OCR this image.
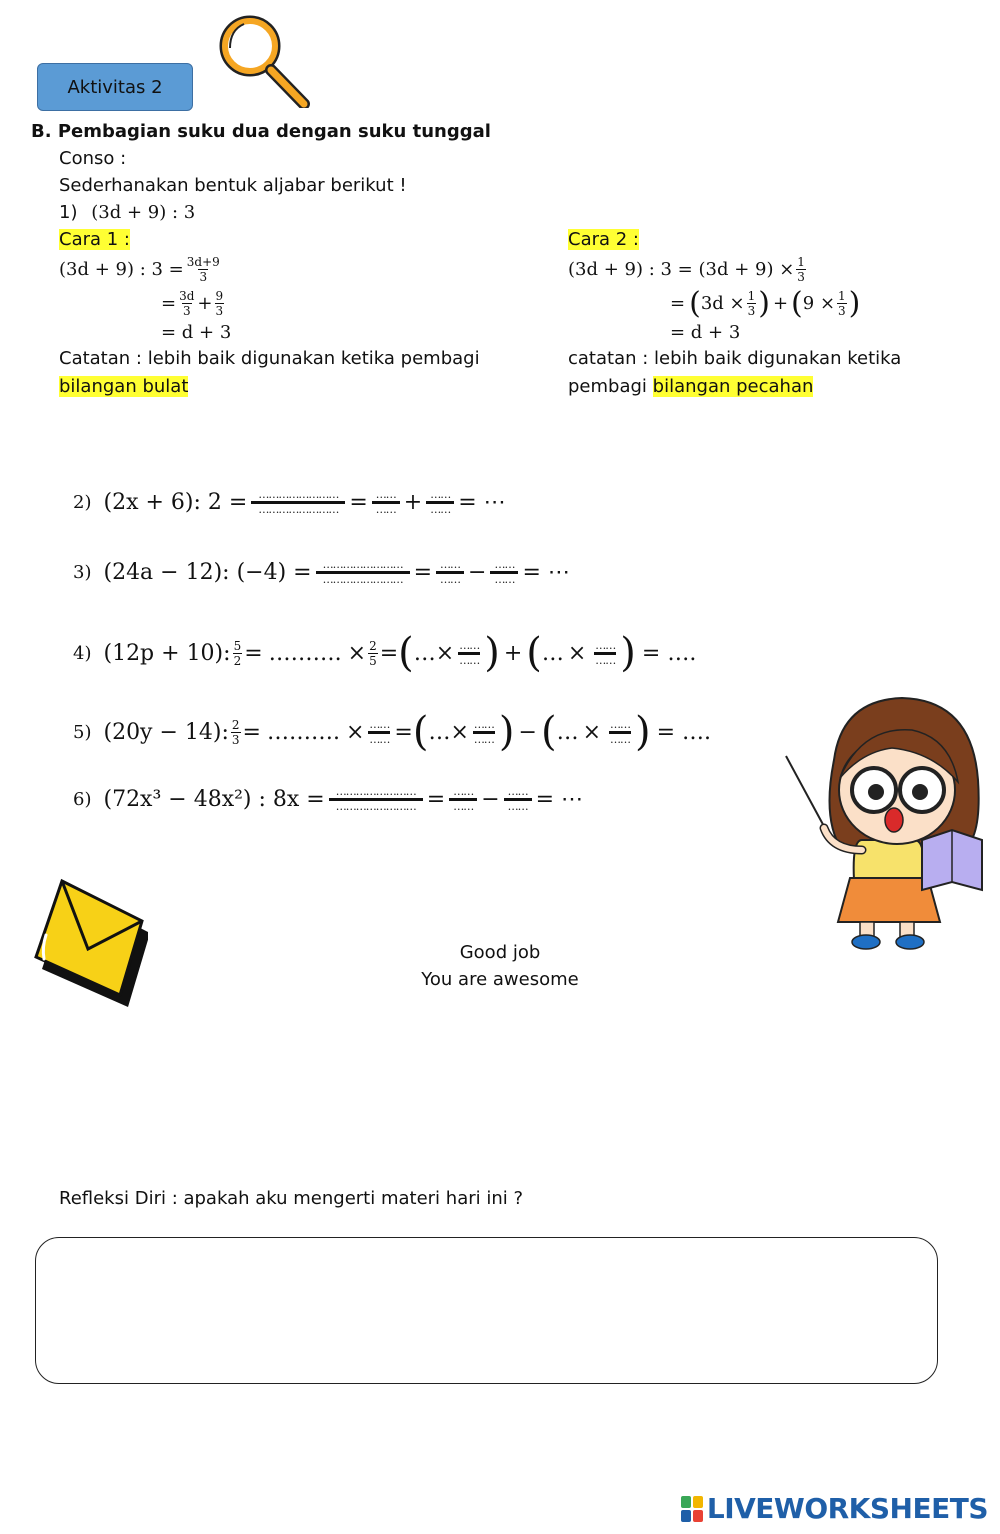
Aktivitas 2
B. Pembagian suku dua dengan suku tunggal
Conso :
Sederhanakan bentuk aljabar berikut !
1) (3d + 9) : 3
Cara 1 :
(3d + 9) : $3 = \frac{3d+9}{3}$
= $\frac{3d}{3} + \frac{9}{3}$
= d + 3
Catatan : lebih baik digunakan ketika pembagi
bilangan bulat
Cara 2 :
(3d + 9) : $3 = (3d + 9) \times \frac{1}{3}$
= ( $3d \times \frac{1}{3}$ ) + ( $9 \times \frac{1}{3}$ )
= d + 3
catatan : lebih baik digunakan ketika
pembagi bilangan pecahan
2) (2x + 6): 2 = ……………………
…………………… = ……
…… + ……
…… = ⋯
3) (24a − 12): (−4) = ……………………
…………………… = ……
…… − ……
…… = ⋯
4) (12p + 10): $\frac{5}{2}$ = ………. × $\frac{2}{5}$ = ( … × ……
…… ) + ( … × ……
…… ) = ….
5) (20y − 14): $\frac{2}{3}$ = ………. × ……
…… = ( … × ……
…… ) − ( … × ……
…… ) = ….
6) (72x³ − 48x²) : 8x = ……………………
…………………… = ……
…… − ……
…… = ⋯
Good job
You are awesome
Refleksi Diri : apakah aku mengerti materi hari ini ?
LIVEWORKSHEETS
